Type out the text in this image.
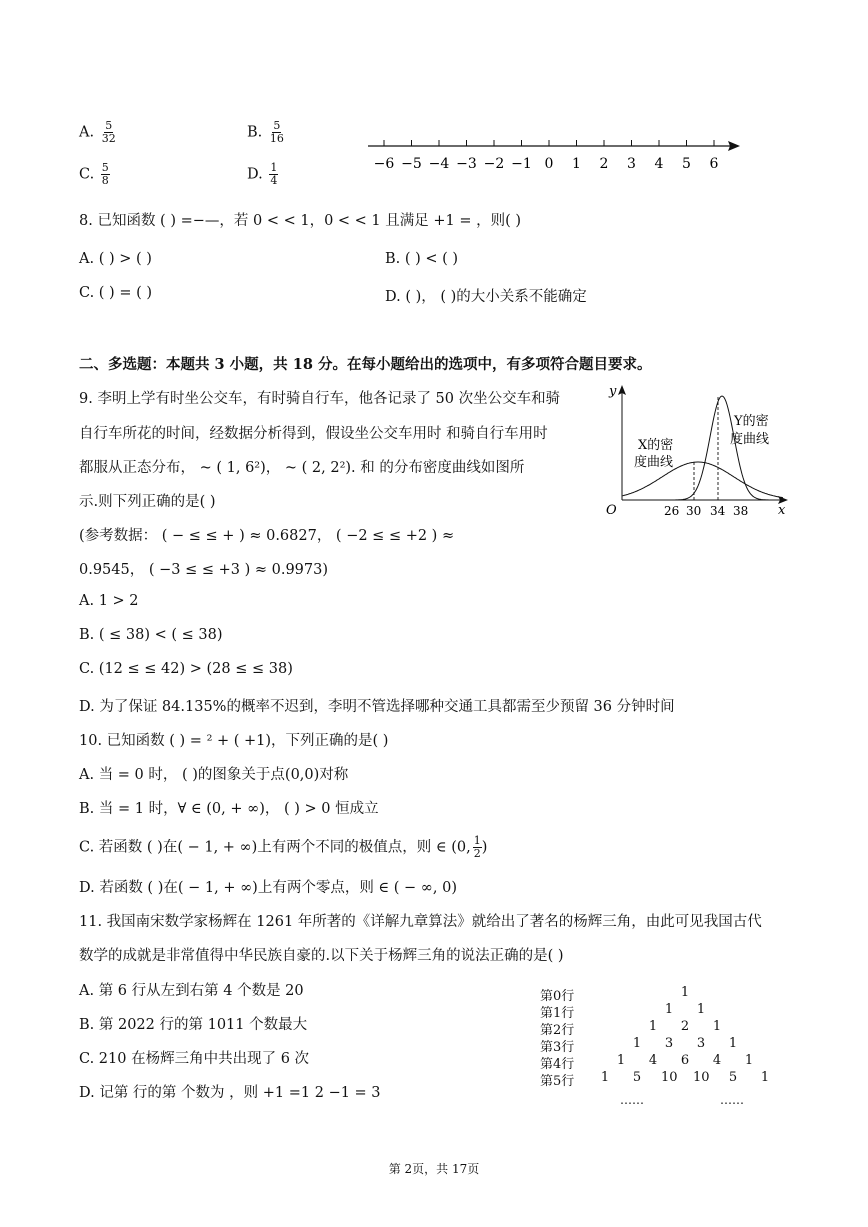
A. $\frac{5}{32}$	B. $\frac{5}{16}$
C. $\frac{5}{8}$	D. $\frac{1}{4}$	−6 −5 −4 −3 −2 −1 0 1 2 3 4 5 6
8. 已知函数 ( ) =−—，若 0 < < 1，0 < < 1 且满足 +1 = ，则( )
A. ( ) > ( )	B. ( ) < ( )
C. ( ) = ( )	D. ( )， ( )的大小关系不能确定
二、多选题：本题共 3 小题，共 18 分。在每小题给出的选项中，有多项符合题目要求。
9. 李明上学有时坐公交车，有时骑自行车，他各记录了 50 次坐公交车和骑
自行车所花的时间，经数据分析得到，假设坐公交车用时 和骑自行车用时
都服从正态分布， ~ ( 1, 6²)， ~ ( 2, 2²). 和 的分布密度曲线如图所
示.则下列正确的是( )
(参考数据： ( − ≤ ≤ + ) ≈ 0.6827， ( −2 ≤ ≤ +2 ) ≈
0.9545， ( −3 ≤ ≤ +3 ) ≈ 0.9973)
A. 1 > 2
B. ( ≤ 38) < ( ≤ 38)
C. (12 ≤ ≤ 42) > (28 ≤ ≤ 38)
D. 为了保证 84.135%的概率不迟到，李明不管选择哪种交通工具都需至少预留 36 分钟时间
y
x
O	26 30 34 38
X的密
度曲线
Y的密
度曲线
10. 已知函数 ( ) = ² + ( +1)，下列正确的是( )
A. 当 = 0 时， ( )的图象关于点(0,0)对称
B. 当 = 1 时，∀ ∈ (0, + ∞)， ( ) > 0 恒成立
C. 若函数 ( )在( − 1, + ∞)上有两个不同的极值点，则 ∈ (0, $\frac{1}{2}$ )
D. 若函数 ( )在( − 1, + ∞)上有两个零点，则 ∈ ( − ∞, 0)
11. 我国南宋数学家杨辉在 1261 年所著的《详解九章算法》就给出了著名的杨辉三角，由此可见我国古代
数学的成就是非常值得中华民族自豪的.以下关于杨辉三角的说法正确的是( )
A. 第 6 行从左到右第 4 个数是 20
B. 第 2022 行的第 1011 个数最大
C. 210 在杨辉三角中共出现了 6 次
D. 记第 行的第 个数为 ，则 +1 =1 2 −1 = 3
第0行	1
第1行	1 1
第2行	1 2 1
第3行	1 3 3 1
第4行	1 4 6 4 1
第5行 1 5 10 10 5 1
……	……
第 2页，共 17页
